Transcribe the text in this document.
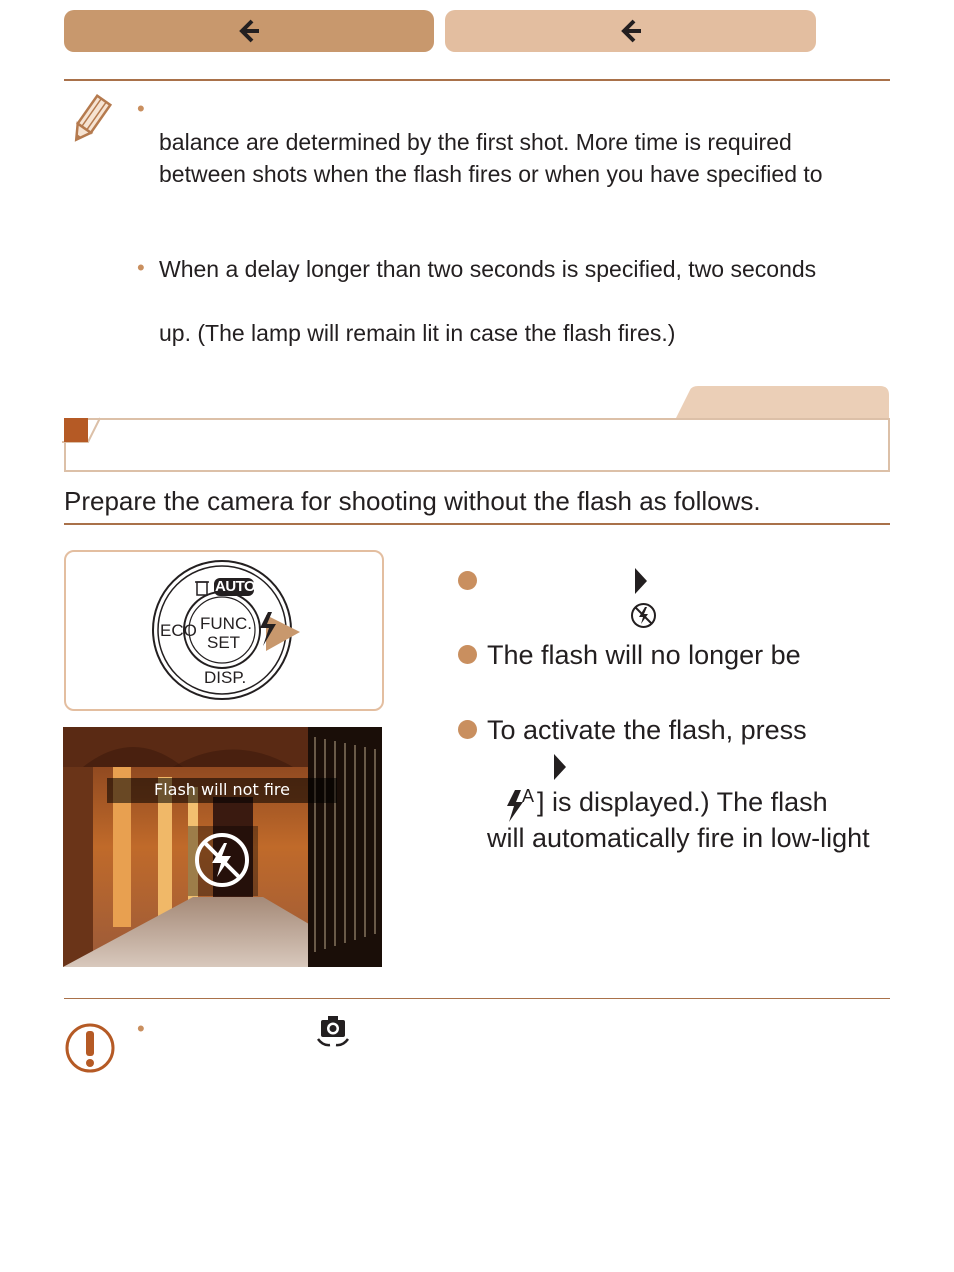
•
balance are determined by the first shot. More time is required
between shots when the flash fires or when you have specified to
• When a delay longer than two seconds is specified, two seconds
up. (The lamp will remain lit in case the flash fires.)
Prepare the camera for shooting without the flash as follows.
AUTO
FUNC.
SET
ECO
DISP.
Flash will not fire
The flash will no longer be
To activate the flash, press
A ] is displayed.) The flash
will automatically fire in low-light
•
